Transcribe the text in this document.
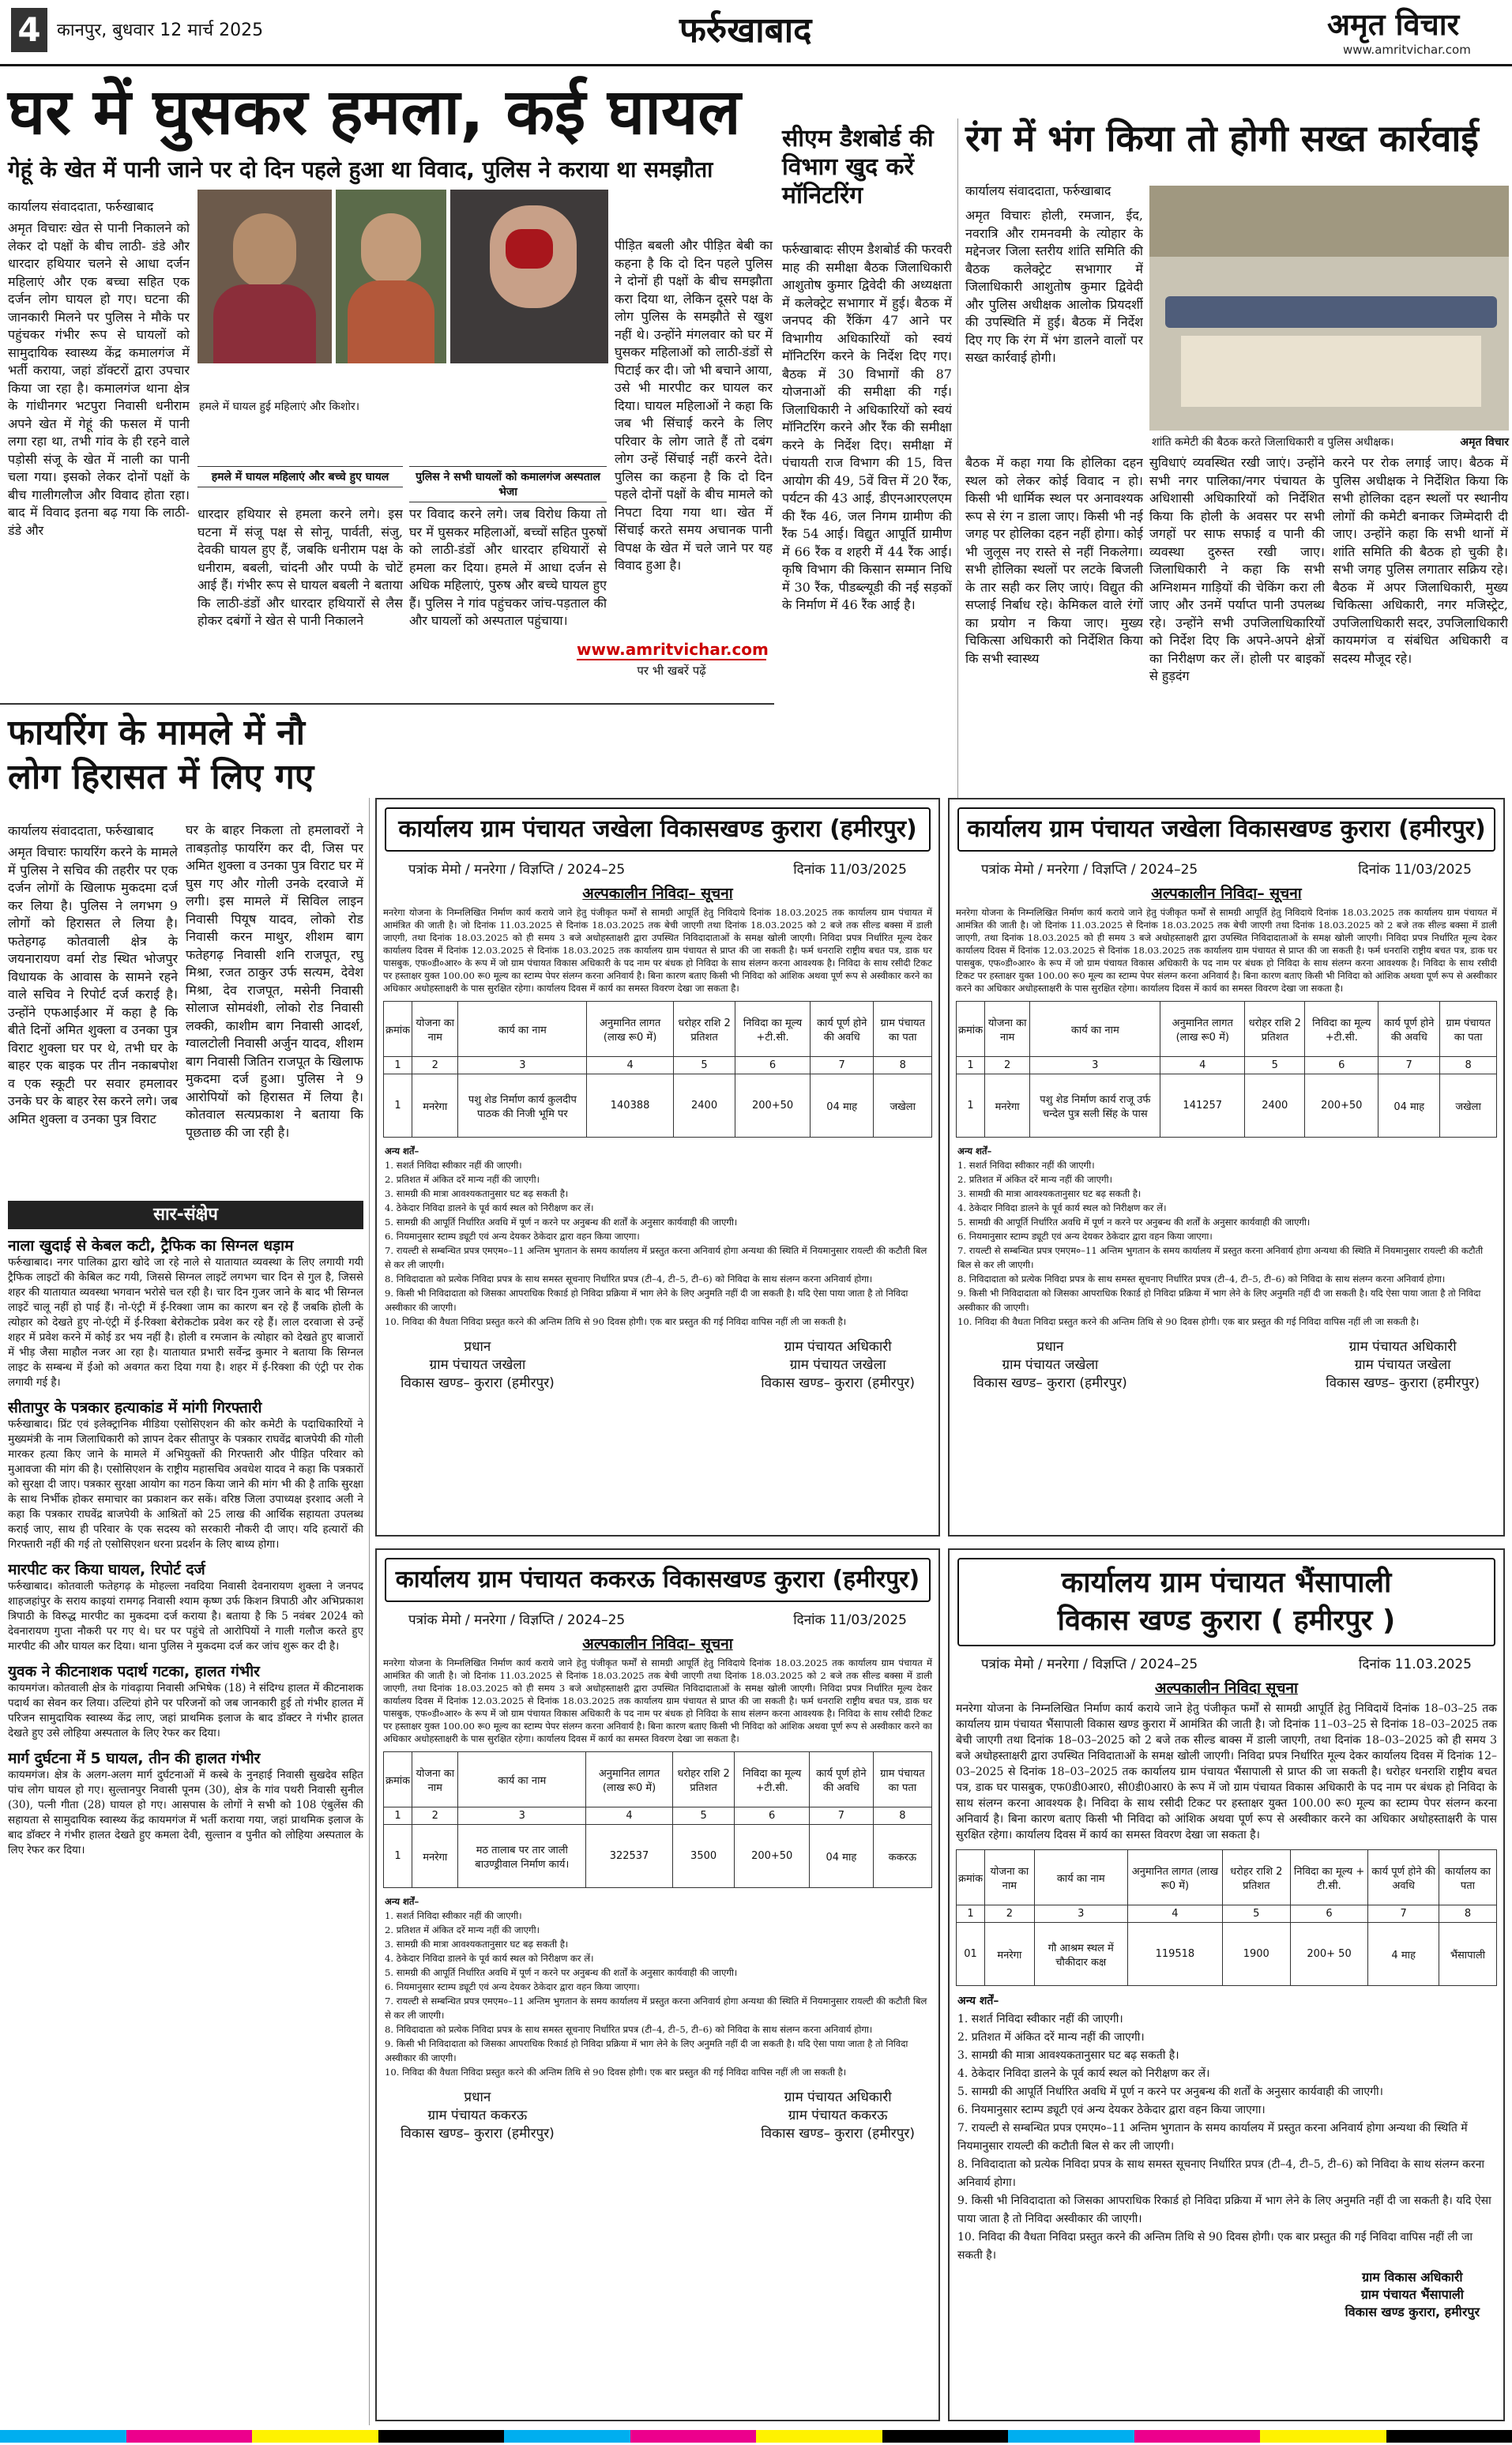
4 कानपुर, बुधवार 12 मार्च 2025	फर्रुखाबाद	अमृत विचार
www.amritvichar.com
घर में घुसकर हमला, कई घायल
गेहूं के खेत में पानी जाने पर दो दिन पहले हुआ था विवाद, पुलिस ने कराया था समझौता
कार्यालय संवाददाता, फर्रुखाबाद
अमृत विचारः खेत से पानी निकालने को लेकर दो पक्षों के बीच लाठी- डंडे और धारदार हथियार चलने से आधा दर्जन महिलाएं और एक बच्चा सहित एक दर्जन लोग घायल हो गए। घटना की जानकारी मिलने पर पुलिस ने मौके पर पहुंचकर गंभीर रूप से घायलों को सामुदायिक स्वास्थ्य केंद्र कमालगंज में भर्ती कराया, जहां डॉक्टरों द्वारा उपचार किया जा रहा है। कमालगंज थाना क्षेत्र के गांधीनगर भटपुरा निवासी धनीराम अपने खेत में गेहूं की फसल में पानी लगा रहा था, तभी गांव के ही रहने वाले पड़ोसी संजू के खेत में नाली का पानी चला गया। इसको लेकर दोनों पक्षों के बीच गालीगलौज और विवाद होता रहा। बाद में विवाद इतना बढ़ गया कि लाठी-डंडे और
हमले में घायल हुई महिलाएं और किशोर।
हमले में घायल महिलाएं और बच्चे हुए घायल	पुलिस ने सभी घायलों को कमालगंज अस्पताल भेजा
धारदार हथियार से हमला करने लगे। इस घटना में संजू पक्ष से सोनू, पार्वती, संजु, देवकी घायल हुए हैं, जबकि धनीराम पक्ष के धनीराम, बबली, चांदनी और पप्पी के चोटें आई हैं। गंभीर रूप से घायल बबली ने बताया कि लाठी-डंडों और धारदार हथियारों से लैस होकर दबंगों ने खेत से पानी निकालने
पर विवाद करने लगे। जब विरोध किया तो घर में घुसकर महिलाओं, बच्चों सहित पुरुषों को लाठी-डंडों और धारदार हथियारों से हमला कर दिया। हमले में आधा दर्जन से अधिक महिलाएं, पुरुष और बच्चे घायल हुए हैं। पुलिस ने गांव पहुंचकर जांच-पड़ताल की और घायलों को अस्पताल पहुंचाया।
पीड़ित बबली और पीड़ित बेबी का कहना है कि दो दिन पहले पुलिस ने दोनों ही पक्षों के बीच समझौता करा दिया था, लेकिन दूसरे पक्ष के लोग पुलिस के समझौते से खुश नहीं थे। उन्होंने मंगलवार को घर में घुसकर महिलाओं को लाठी-डंडों से पिटाई कर दी। जो भी बचाने आया, उसे भी मारपीट कर घायल कर दिया। घायल महिलाओं ने कहा कि जब भी सिंचाई करने के लिए परिवार के लोग जाते हैं तो दबंग लोग उन्हें सिंचाई नहीं करने देते। पुलिस का कहना है कि दो दिन पहले दोनों पक्षों के बीच मामले को निपटा दिया गया था। खेत में सिंचाई करते समय अचानक पानी विपक्ष के खेत में चले जाने पर यह विवाद हुआ है।
www.amritvichar.com
पर भी खबरें पढ़ें
सीएम डैशबोर्ड की विभाग खुद करें मॉनिटरिंग
फर्रुखाबादः सीएम डैशबोर्ड की फरवरी माह की समीक्षा बैठक जिलाधिकारी आशुतोष कुमार द्विवेदी की अध्यक्षता में कलेक्ट्रेट सभागार में हुई। बैठक में जनपद की रैंकिंग 47 आने पर विभागीय अधिकारियों को स्वयं मॉनिटरिंग करने के निर्देश दिए गए। बैठक में 30 विभागों की 87 योजनाओं की समीक्षा की गई। जिलाधिकारी ने अधिकारियों को स्वयं मॉनिटरिंग करने और रैंक की समीक्षा करने के निर्देश दिए। समीक्षा में पंचायती राज विभाग की 15, वित्त आयोग की 49, 5वें वित्त में 20 रैंक, पर्यटन की 43 आई, डीएनआरएलएम की रैंक 46, जल निगम ग्रामीण की रैंक 54 आई। विद्युत आपूर्ति ग्रामीण में 66 रैंक व शहरी में 44 रैंक आई। कृषि विभाग की किसान सम्मान निधि में 30 रैंक, पीडब्ल्यूडी की नई सड़कों के निर्माण में 46 रैंक आई है।
रंग में भंग किया तो होगी सख्त कार्रवाई
कार्यालय संवाददाता, फर्रुखाबाद
अमृत विचारः होली, रमजान, ईद, नवरात्रि और रामनवमी के त्योहार के मद्देनजर जिला स्तरीय शांति समिति की बैठक कलेक्ट्रेट सभागार में जिलाधिकारी आशुतोष कुमार द्विवेदी और पुलिस अधीक्षक आलोक प्रियदर्शी की उपस्थिति में हुई। बैठक में निर्देश दिए गए कि रंग में भंग डालने वालों पर सख्त कार्रवाई होगी।
शांति कमेटी की बैठक करते जिलाधिकारी व पुलिस अधीक्षक।	अमृत विचार
बैठक में कहा गया कि होलिका दहन स्थल को लेकर कोई विवाद न हो। किसी भी धार्मिक स्थल पर अनावश्यक रूप से रंग न डाला जाए। किसी भी नई जगह पर होलिका दहन नहीं होगा। कोई भी जुलूस नए रास्ते से नहीं निकलेगा। सभी होलिका स्थलों पर लटके बिजली के तार सही कर लिए जाएं। विद्युत की सप्लाई निर्बाध रहे। केमिकल वाले रंगों का प्रयोग न किया जाए। मुख्य चिकित्सा अधिकारी को निर्देशित किया कि सभी स्वास्थ्य
सुविधाएं व्यवस्थित रखी जाएं। उन्होंने सभी नगर पालिका/नगर पंचायत के अधिशासी अधिकारियों को निर्देशित किया कि होली के अवसर पर सभी जगहों पर साफ सफाई व पानी की व्यवस्था दुरुस्त रखी जाए। जिलाधिकारी ने कहा कि सभी अग्निशमन गाड़ियों की चेकिंग करा ली जाए और उनमें पर्याप्त पानी उपलब्ध रहे। उन्होंने सभी उपजिलाधिकारियों को निर्देश दिए कि अपने-अपने क्षेत्रों का निरीक्षण कर लें। होली पर बाइकों से हुड़दंग
करने पर रोक लगाई जाए। बैठक में पुलिस अधीक्षक ने निर्देशित किया कि सभी होलिका दहन स्थलों पर स्थानीय लोगों की कमेटी बनाकर जिम्मेदारी दी जाए। उन्होंने कहा कि सभी थानों में शांति समिति की बैठक हो चुकी है। सभी जगह पुलिस लगातार सक्रिय रहे। बैठक में अपर जिलाधिकारी, मुख्य चिकित्सा अधिकारी, नगर मजिस्ट्रेट, उपजिलाधिकारी सदर, उपजिलाधिकारी कायमगंज व संबंधित अधिकारी व सदस्य मौजूद रहे।
फायरिंग के मामले में नौ लोग हिरासत में लिए गए
कार्यालय संवाददाता, फर्रुखाबाद
अमृत विचारः फायरिंग करने के मामले में पुलिस ने सचिव की तहरीर पर एक दर्जन लोगों के खिलाफ मुकदमा दर्ज कर लिया है। पुलिस ने लगभग 9 लोगों को हिरासत ले लिया है। फतेहगढ़ कोतवाली क्षेत्र के जयनारायण वर्मा रोड स्थित भोजपुर विधायक के आवास के सामने रहने वाले सचिव ने रिपोर्ट दर्ज कराई है। उन्होंने एफआईआर में कहा है कि बीते दिनों अमित शुक्ला व उनका पुत्र विराट शुक्ला घर पर थे, तभी घर के बाहर एक बाइक पर तीन नकाबपोश व एक स्कूटी पर सवार हमलावर उनके घर के बाहर रेस करने लगे। जब अमित शुक्ला व उनका पुत्र विराट
घर के बाहर निकला तो हमलावरों ने ताबड़तोड़ फायरिंग कर दी, जिस पर अमित शुक्ला व उनका पुत्र विराट घर में घुस गए और गोली उनके दरवाजे में लगी। इस मामले में सिविल लाइन निवासी पियूष यादव, लोको रोड निवासी करन माथुर, शीशम बाग फतेहगढ़ निवासी शनि राजपूत, रघु मिश्रा, रजत ठाकुर उर्फ सत्यम, देवेश मिश्रा, देव राजपूत, मसेनी निवासी सोलाज सोमवंशी, लोको रोड निवासी लक्की, काशीम बाग निवासी आदर्श, ग्वालटोली निवासी अर्जुन यादव, शीशम बाग निवासी जितिन राजपूत के खिलाफ मुकदमा दर्ज हुआ। पुलिस ने 9 आरोपियों को हिरासत में लिया है। कोतवाल सत्यप्रकाश ने बताया कि पूछताछ की जा रही है।
सार-संक्षेप
नाला खुदाई से केबल कटी, ट्रैफिक का सिग्नल धड़ाम
फर्रुखाबाद। नगर पालिका द्वारा खोदे जा रहे नाले से यातायात व्यवस्था के लिए लगायी गयी ट्रैफिक लाइटों की केबिल कट गयी, जिससे सिग्नल लाइटें लगभग चार दिन से गुल है, जिससे शहर की यातायात व्यवस्था भगवान भरोसे चल रही है। चार दिन गुजर जाने के बाद भी सिग्नल लाइटें चालू नहीं हो पाई हैं। नो-एंट्री में ई-रिक्शा जाम का कारण बन रहे हैं जबकि होली के त्योहार को देखते हुए नो-एंट्री में ई-रिक्शा बेरोकटोक प्रवेश कर रहे हैं। लाल दरवाजा से उन्हें शहर में प्रवेश करने में कोई डर भय नहीं है। होली व रमजान के त्योहार को देखते हुए बाजारों में भीड़ जैसा माहौल नजर आ रहा है। यातायात प्रभारी सर्वेन्द्र कुमार ने बताया कि सिग्नल लाइट के सम्बन्ध में ईओ को अवगत करा दिया गया है। शहर में ई-रिक्शा की एंट्री पर रोक लगायी गई है।
सीतापुर के पत्रकार हत्याकांड में मांगी गिरफ्तारी
फर्रुखाबाद। प्रिंट एवं इलेक्ट्रानिक मीडिया एसोसिएशन की कोर कमेटी के पदाधिकारियों ने मुख्यमंत्री के नाम जिलाधिकारी को ज्ञापन देकर सीतापुर के पत्रकार राघवेंद्र बाजपेयी की गोली मारकर हत्या किए जाने के मामले में अभियुक्तों की गिरफ्तारी और पीड़ित परिवार को मुआवजा की मांग की है। एसोसिएशन के राष्ट्रीय महासचिव अवधेश यादव ने कहा कि पत्रकारों को सुरक्षा दी जाए। पत्रकार सुरक्षा आयोग का गठन किया जाने की मांग भी की है ताकि सुरक्षा के साथ निर्भीक होकर समाचार का प्रकाशन कर सकें। वरिष्ठ जिला उपाध्यक्ष इरशाद अली ने कहा कि पत्रकार राघवेंद्र बाजपेयी के आश्रितों को 25 लाख की आर्थिक सहायता उपलब्ध कराई जाए, साथ ही परिवार के एक सदस्य को सरकारी नौकरी दी जाए। यदि हत्यारों की गिरफ्तारी नहीं की गई तो एसोसिएशन धरना प्रदर्शन के लिए बाध्य होगा।
मारपीट कर किया घायल, रिपोर्ट दर्ज
फर्रुखाबाद। कोतवाली फतेहगढ़ के मोहल्ला नवदिया निवासी देवनारायण शुक्ला ने जनपद शाहजहांपुर के सराय काइयां रामगढ़ निवासी श्याम कृष्ण उर्फ किशन त्रिपाठी और अभिप्रकाश त्रिपाठी के विरुद्ध मारपीट का मुकदमा दर्ज कराया है। बताया है कि 5 नवंबर 2024 को देवनारायण गुप्ता नौकरी पर गए थे। घर पर पहुंचे तो आरोपियों ने गाली गलौज करते हुए मारपीट की और घायल कर दिया। थाना पुलिस ने मुकदमा दर्ज कर जांच शुरू कर दी है।
युवक ने कीटनाशक पदार्थ गटका, हालत गंभीर
कायमगंज। कोतवाली क्षेत्र के गांवढ़ाया निवासी अभिषेक (18) ने संदिग्ध हालत में कीटनाशक पदार्थ का सेवन कर लिया। उल्टियां होने पर परिजनों को जब जानकारी हुई तो गंभीर हालत में परिजन सामुदायिक स्वास्थ्य केंद्र लाए, जहां प्राथमिक इलाज के बाद डॉक्टर ने गंभीर हालत देखते हुए उसे लोहिया अस्पताल के लिए रेफर कर दिया।
मार्ग दुर्घटना में 5 घायल, तीन की हालत गंभीर
कायमगंज। क्षेत्र के अलग-अलग मार्ग दुर्घटनाओं में कस्बे के नुनहाई निवासी सुखदेव सहित पांच लोग घायल हो गए। सुल्तानपुर निवासी पूनम (30), क्षेत्र के गांव पथरी निवासी सुनील (30), पत्नी गीता (28) घायल हो गए। आसपास के लोगों ने सभी को 108 एंबुलेंस की सहायता से सामुदायिक स्वास्थ्य केंद्र कायमगंज में भर्ती कराया गया, जहां प्राथमिक इलाज के बाद डॉक्टर ने गंभीर हालत देखते हुए कमला देवी, सुल्तान व पुनीत को लोहिया अस्पताल के लिए रेफर कर दिया।
कार्यालय ग्राम पंचायत जखेला विकासखण्ड कुरारा (हमीरपुर)
पत्रांक मेमो / मनरेगा / विज्ञप्ति / 2024–25	दिनांक 11/03/2025
अल्पकालीन निविदा– सूचना
मनरेगा योजना के निम्नलिखित निर्माण कार्य कराये जाने हेतु पंजीकृत फर्मों से सामग्री आपूर्ति हेतु निविदाये दिनांक 18.03.2025 तक कार्यालय ग्राम पंचायत में आमंत्रित की जाती है। जो दिनांक 11.03.2025 से दिनांक 18.03.2025 तक बेची जाएगी तथा दिनांक 18.03.2025 को 2 बजे तक सील्ड बक्सा में डाली जाएगी, तथा दिनांक 18.03.2025 को ही समय 3 बजे अधोहस्ताक्षरी द्वारा उपस्थित निविदादाताओं के समक्ष खोली जाएगी। निविदा प्रपत्र निर्धारित मूल्य देकर कार्यालय दिवस में दिनांक 12.03.2025 से दिनांक 18.03.2025 तक कार्यालय ग्राम पंचायत से प्राप्त की जा सकती है। फर्म धनराशि राष्ट्रीय बचत पत्र, डाक घर पासबुक, एफ०डी०आर० के रूप में जो ग्राम पंचायत विकास अधिकारी के पद नाम पर बंधक हो निविदा के साथ संलग्न करना आवश्यक है। निविदा के साथ रसीदी टिकट पर हस्ताक्षर युक्त 100.00 रू0 मूल्य का स्टाम्प पेपर संलग्न करना अनिवार्य है। बिना कारण बताए किसी भी निविदा को आंशिक अथवा पूर्ण रूप से अस्वीकार करने का अधिकार अधोहस्ताक्षरी के पास सुरक्षित रहेगा। कार्यालय दिवस में कार्य का समस्त विवरण देखा जा सकता है।
क्रमांक	योजना का नाम	कार्य का नाम	अनुमानित लागत (लाख रू0 में)	धरोहर राशि 2 प्रतिशत	निविदा का मूल्य +टी.सी.	कार्य पूर्ण होने की अवधि	ग्राम पंचायत का पता
1	2	3	4	5	6	7	8
1	मनरेगा	पशु शेड निर्माण कार्य कुलदीप पाठक की निजी भूमि पर	140388	2400	200+50	04 माह	जखेला
अन्य शर्तें–
1. सशर्त निविदा स्वीकार नहीं की जाएगी।
2. प्रतिशत में अंकित दरें मान्य नहीं की जाएगी।
3. सामग्री की मात्रा आवश्यकतानुसार घट बढ़ सकती है।
4. ठेकेदार निविदा डालने के पूर्व कार्य स्थल को निरीक्षण कर लें।
5. सामग्री की आपूर्ति निर्धारित अवधि में पूर्ण न करने पर अनुबन्ध की शर्तों के अनुसार कार्यवाही की जाएगी।
6. नियमानुसार स्टाम्प ड्यूटी एवं अन्य देयकर ठेकेदार द्वारा वहन किया जाएगा।
7. रायल्टी से सम्बन्धित प्रपत्र एमएम०–11 अन्तिम भुगतान के समय कार्यालय में प्रस्तुत करना अनिवार्य होगा अन्यथा की स्थिति में नियमानुसार रायल्टी की कटौती बिल से कर ली जाएगी।
8. निविदादाता को प्रत्येक निविदा प्रपत्र के साथ समस्त सूचनाए निर्धारित प्रपत्र (टी–4, टी–5, टी–6) को निविदा के साथ संलग्न करना अनिवार्य होगा।
9. किसी भी निविदादाता को जिसका आपराधिक रिकार्ड हो निविदा प्रक्रिया में भाग लेने के लिए अनुमति नहीं दी जा सकती है। यदि ऐसा पाया जाता है तो निविदा अस्वीकार की जाएगी।
10. निविदा की वैधता निविदा प्रस्तुत करने की अन्तिम तिथि से 90 दिवस होगी। एक बार प्रस्तुत की गई निविदा वापिस नहीं ली जा सकती है।
प्रधान
ग्राम पंचायत जखेला
विकास खण्ड– कुरारा (हमीरपुर)
ग्राम पंचायत अधिकारी
ग्राम पंचायत जखेला
विकास खण्ड– कुरारा (हमीरपुर)
कार्यालय ग्राम पंचायत जखेला विकासखण्ड कुरारा (हमीरपुर)
पत्रांक मेमो / मनरेगा / विज्ञप्ति / 2024–25	दिनांक 11/03/2025
अल्पकालीन निविदा– सूचना
मनरेगा योजना के निम्नलिखित निर्माण कार्य कराये जाने हेतु पंजीकृत फर्मों से सामग्री आपूर्ति हेतु निविदाये दिनांक 18.03.2025 तक कार्यालय ग्राम पंचायत में आमंत्रित की जाती है। जो दिनांक 11.03.2025 से दिनांक 18.03.2025 तक बेची जाएगी तथा दिनांक 18.03.2025 को 2 बजे तक सील्ड बक्सा में डाली जाएगी, तथा दिनांक 18.03.2025 को ही समय 3 बजे अधोहस्ताक्षरी द्वारा उपस्थित निविदादाताओं के समक्ष खोली जाएगी। निविदा प्रपत्र निर्धारित मूल्य देकर कार्यालय दिवस में दिनांक 12.03.2025 से दिनांक 18.03.2025 तक कार्यालय ग्राम पंचायत से प्राप्त की जा सकती है। फर्म धनराशि राष्ट्रीय बचत पत्र, डाक घर पासबुक, एफ०डी०आर० के रूप में जो ग्राम पंचायत विकास अधिकारी के पद नाम पर बंधक हो निविदा के साथ संलग्न करना आवश्यक है। निविदा के साथ रसीदी टिकट पर हस्ताक्षर युक्त 100.00 रू0 मूल्य का स्टाम्प पेपर संलग्न करना अनिवार्य है। बिना कारण बताए किसी भी निविदा को आंशिक अथवा पूर्ण रूप से अस्वीकार करने का अधिकार अधोहस्ताक्षरी के पास सुरक्षित रहेगा। कार्यालय दिवस में कार्य का समस्त विवरण देखा जा सकता है।
क्रमांक	योजना का नाम	कार्य का नाम	अनुमानित लागत (लाख रू0 में)	धरोहर राशि 2 प्रतिशत	निविदा का मूल्य +टी.सी.	कार्य पूर्ण होने की अवधि	ग्राम पंचायत का पता
1	2	3	4	5	6	7	8
1	मनरेगा	पशु शेड निर्माण कार्य राजू उर्फ चन्देल पुत्र सली सिंह के पास	141257	2400	200+50	04 माह	जखेला
अन्य शर्तें–
1. सशर्त निविदा स्वीकार नहीं की जाएगी।
2. प्रतिशत में अंकित दरें मान्य नहीं की जाएगी।
3. सामग्री की मात्रा आवश्यकतानुसार घट बढ़ सकती है।
4. ठेकेदार निविदा डालने के पूर्व कार्य स्थल को निरीक्षण कर लें।
5. सामग्री की आपूर्ति निर्धारित अवधि में पूर्ण न करने पर अनुबन्ध की शर्तों के अनुसार कार्यवाही की जाएगी।
6. नियमानुसार स्टाम्प ड्यूटी एवं अन्य देयकर ठेकेदार द्वारा वहन किया जाएगा।
7. रायल्टी से सम्बन्धित प्रपत्र एमएम०–11 अन्तिम भुगतान के समय कार्यालय में प्रस्तुत करना अनिवार्य होगा अन्यथा की स्थिति में नियमानुसार रायल्टी की कटौती बिल से कर ली जाएगी।
8. निविदादाता को प्रत्येक निविदा प्रपत्र के साथ समस्त सूचनाए निर्धारित प्रपत्र (टी–4, टी–5, टी–6) को निविदा के साथ संलग्न करना अनिवार्य होगा।
9. किसी भी निविदादाता को जिसका आपराधिक रिकार्ड हो निविदा प्रक्रिया में भाग लेने के लिए अनुमति नहीं दी जा सकती है। यदि ऐसा पाया जाता है तो निविदा अस्वीकार की जाएगी।
10. निविदा की वैधता निविदा प्रस्तुत करने की अन्तिम तिथि से 90 दिवस होगी। एक बार प्रस्तुत की गई निविदा वापिस नहीं ली जा सकती है।
प्रधान
ग्राम पंचायत जखेला
विकास खण्ड– कुरारा (हमीरपुर)
ग्राम पंचायत अधिकारी
ग्राम पंचायत जखेला
विकास खण्ड– कुरारा (हमीरपुर)
कार्यालय ग्राम पंचायत ककरऊ विकासखण्ड कुरारा (हमीरपुर)
पत्रांक मेमो / मनरेगा / विज्ञप्ति / 2024–25	दिनांक 11/03/2025
अल्पकालीन निविदा– सूचना
मनरेगा योजना के निम्नलिखित निर्माण कार्य कराये जाने हेतु पंजीकृत फर्मों से सामग्री आपूर्ति हेतु निविदाये दिनांक 18.03.2025 तक कार्यालय ग्राम पंचायत में आमंत्रित की जाती है। जो दिनांक 11.03.2025 से दिनांक 18.03.2025 तक बेची जाएगी तथा दिनांक 18.03.2025 को 2 बजे तक सील्ड बक्सा में डाली जाएगी, तथा दिनांक 18.03.2025 को ही समय 3 बजे अधोहस्ताक्षरी द्वारा उपस्थित निविदादाताओं के समक्ष खोली जाएगी। निविदा प्रपत्र निर्धारित मूल्य देकर कार्यालय दिवस में दिनांक 12.03.2025 से दिनांक 18.03.2025 तक कार्यालय ग्राम पंचायत से प्राप्त की जा सकती है। फर्म धनराशि राष्ट्रीय बचत पत्र, डाक घर पासबुक, एफ०डी०आर० के रूप में जो ग्राम पंचायत विकास अधिकारी के पद नाम पर बंधक हो निविदा के साथ संलग्न करना आवश्यक है। निविदा के साथ रसीदी टिकट पर हस्ताक्षर युक्त 100.00 रू0 मूल्य का स्टाम्प पेपर संलग्न करना अनिवार्य है। बिना कारण बताए किसी भी निविदा को आंशिक अथवा पूर्ण रूप से अस्वीकार करने का अधिकार अधोहस्ताक्षरी के पास सुरक्षित रहेगा। कार्यालय दिवस में कार्य का समस्त विवरण देखा जा सकता है।
क्रमांक	योजना का नाम	कार्य का नाम	अनुमानित लागत (लाख रू0 में)	धरोहर राशि 2 प्रतिशत	निविदा का मूल्य +टी.सी.	कार्य पूर्ण होने की अवधि	ग्राम पंचायत का पता
1	2	3	4	5	6	7	8
1	मनरेगा	मठ तालाब पर तार जाली बाउण्ड्रीवाल निर्माण कार्य।	322537	3500	200+50	04 माह	ककरऊ
अन्य शर्तें–
1. सशर्त निविदा स्वीकार नहीं की जाएगी।
2. प्रतिशत में अंकित दरें मान्य नहीं की जाएगी।
3. सामग्री की मात्रा आवश्यकतानुसार घट बढ़ सकती है।
4. ठेकेदार निविदा डालने के पूर्व कार्य स्थल को निरीक्षण कर लें।
5. सामग्री की आपूर्ति निर्धारित अवधि में पूर्ण न करने पर अनुबन्ध की शर्तों के अनुसार कार्यवाही की जाएगी।
6. नियमानुसार स्टाम्प ड्यूटी एवं अन्य देयकर ठेकेदार द्वारा वहन किया जाएगा।
7. रायल्टी से सम्बन्धित प्रपत्र एमएम०–11 अन्तिम भुगतान के समय कार्यालय में प्रस्तुत करना अनिवार्य होगा अन्यथा की स्थिति में नियमानुसार रायल्टी की कटौती बिल से कर ली जाएगी।
8. निविदादाता को प्रत्येक निविदा प्रपत्र के साथ समस्त सूचनाए निर्धारित प्रपत्र (टी–4, टी–5, टी–6) को निविदा के साथ संलग्न करना अनिवार्य होगा।
9. किसी भी निविदादाता को जिसका आपराधिक रिकार्ड हो निविदा प्रक्रिया में भाग लेने के लिए अनुमति नहीं दी जा सकती है। यदि ऐसा पाया जाता है तो निविदा अस्वीकार की जाएगी।
10. निविदा की वैधता निविदा प्रस्तुत करने की अन्तिम तिथि से 90 दिवस होगी। एक बार प्रस्तुत की गई निविदा वापिस नहीं ली जा सकती है।
प्रधान
ग्राम पंचायत ककरऊ
विकास खण्ड– कुरारा (हमीरपुर)
ग्राम पंचायत अधिकारी
ग्राम पंचायत ककरऊ
विकास खण्ड– कुरारा (हमीरपुर)
कार्यालय ग्राम पंचायत भैंसापाली
विकास खण्ड कुरारा ( हमीरपुर )
पत्रांक मेमो / मनरेगा / विज्ञप्ति / 2024–25	दिनांक 11.03.2025
अल्पकालीन निविदा सूचना
मनरेगा योजना के निम्नलिखित निर्माण कार्य कराये जाने हेतु पंजीकृत फर्मों से सामग्री आपूर्ति हेतु निविदायें दिनांक 18–03–25 तक कार्यालय ग्राम पंचायत भैंसापाली विकास खण्ड कुरारा में आमंत्रित की जाती है। जो दिनांक 11–03–25 से दिनांक 18–03–2025 तक बेची जाएगी तथा दिनांक 18–03–2025 को 2 बजे तक सील्ड बाक्स में डाली जाएगी, तथा दिनांक 18–03–2025 को ही समय 3 बजे अधोहस्ताक्षरी द्वारा उपस्थित निविदाताओं के समक्ष खोली जाएगी। निविदा प्रपत्र निर्धारित मूल्य देकर कार्यालय दिवस में दिनांक 12–03–2025 से दिनांक 18–03–2025 तक कार्यालय ग्राम पंचायत भैंसापाली से प्राप्त की जा सकती है। धरोहर धनराशि राष्ट्रीय बचत पत्र, डाक घर पासबुक, एफ0डी0आर0, सी0डी0आर0 के रूप में जो ग्राम पंचायत विकास अधिकारी के पद नाम पर बंधक हो निविदा के साथ संलग्न करना आवश्यक है। निविदा के साथ रसीदी टिकट पर हस्ताक्षर युक्त 100.00 रू0 मूल्य का स्टाम्प पेपर संलग्न करना अनिवार्य है। बिना कारण बताए किसी भी निविदा को आंशिक अथवा पूर्ण रूप से अस्वीकार करने का अधिकार अधोहस्ताक्षरी के पास सुरक्षित रहेगा। कार्यालय दिवस में कार्य का समस्त विवरण देखा जा सकता है।
क्रमांक	योजना का नाम	कार्य का नाम	अनुमानित लागत (लाख रू0 में)	धरोहर राशि 2 प्रतिशत	निविदा का मूल्य + टी.सी.	कार्य पूर्ण होने की अवधि	कार्यालय का पता
1	2	3	4	5	6	7	8
01	मनरेगा	गौ आश्रम स्थल में चौकीदार कक्ष	119518	1900	200+ 50	4 माह	भैंसापाली
अन्य शर्तें–
1. सशर्त निविदा स्वीकार नहीं की जाएगी।
2. प्रतिशत में अंकित दरें मान्य नहीं की जाएगी।
3. सामग्री की मात्रा आवश्यकतानुसार घट बढ़ सकती है।
4. ठेकेदार निविदा डालने के पूर्व कार्य स्थल को निरीक्षण कर लें।
5. सामग्री की आपूर्ति निर्धारित अवधि में पूर्ण न करने पर अनुबन्ध की शर्तों के अनुसार कार्यवाही की जाएगी।
6. नियमानुसार स्टाम्प ड्यूटी एवं अन्य देयकर ठेकेदार द्वारा वहन किया जाएगा।
7. रायल्टी से सम्बन्धित प्रपत्र एमएम०–11 अन्तिम भुगतान के समय कार्यालय में प्रस्तुत करना अनिवार्य होगा अन्यथा की स्थिति में नियमानुसार रायल्टी की कटौती बिल से कर ली जाएगी।
8. निविदादाता को प्रत्येक निविदा प्रपत्र के साथ समस्त सूचनाए निर्धारित प्रपत्र (टी–4, टी–5, टी–6) को निविदा के साथ संलग्न करना अनिवार्य होगा।
9. किसी भी निविदादाता को जिसका आपराधिक रिकार्ड हो निविदा प्रक्रिया में भाग लेने के लिए अनुमति नहीं दी जा सकती है। यदि ऐसा पाया जाता है तो निविदा अस्वीकार की जाएगी।
10. निविदा की वैधता निविदा प्रस्तुत करने की अन्तिम तिथि से 90 दिवस होगी। एक बार प्रस्तुत की गई निविदा वापिस नहीं ली जा सकती है।
ग्राम विकास अधिकारी
ग्राम पंचायत भैंसापाली
विकास खण्ड कुरारा, हमीरपुर
